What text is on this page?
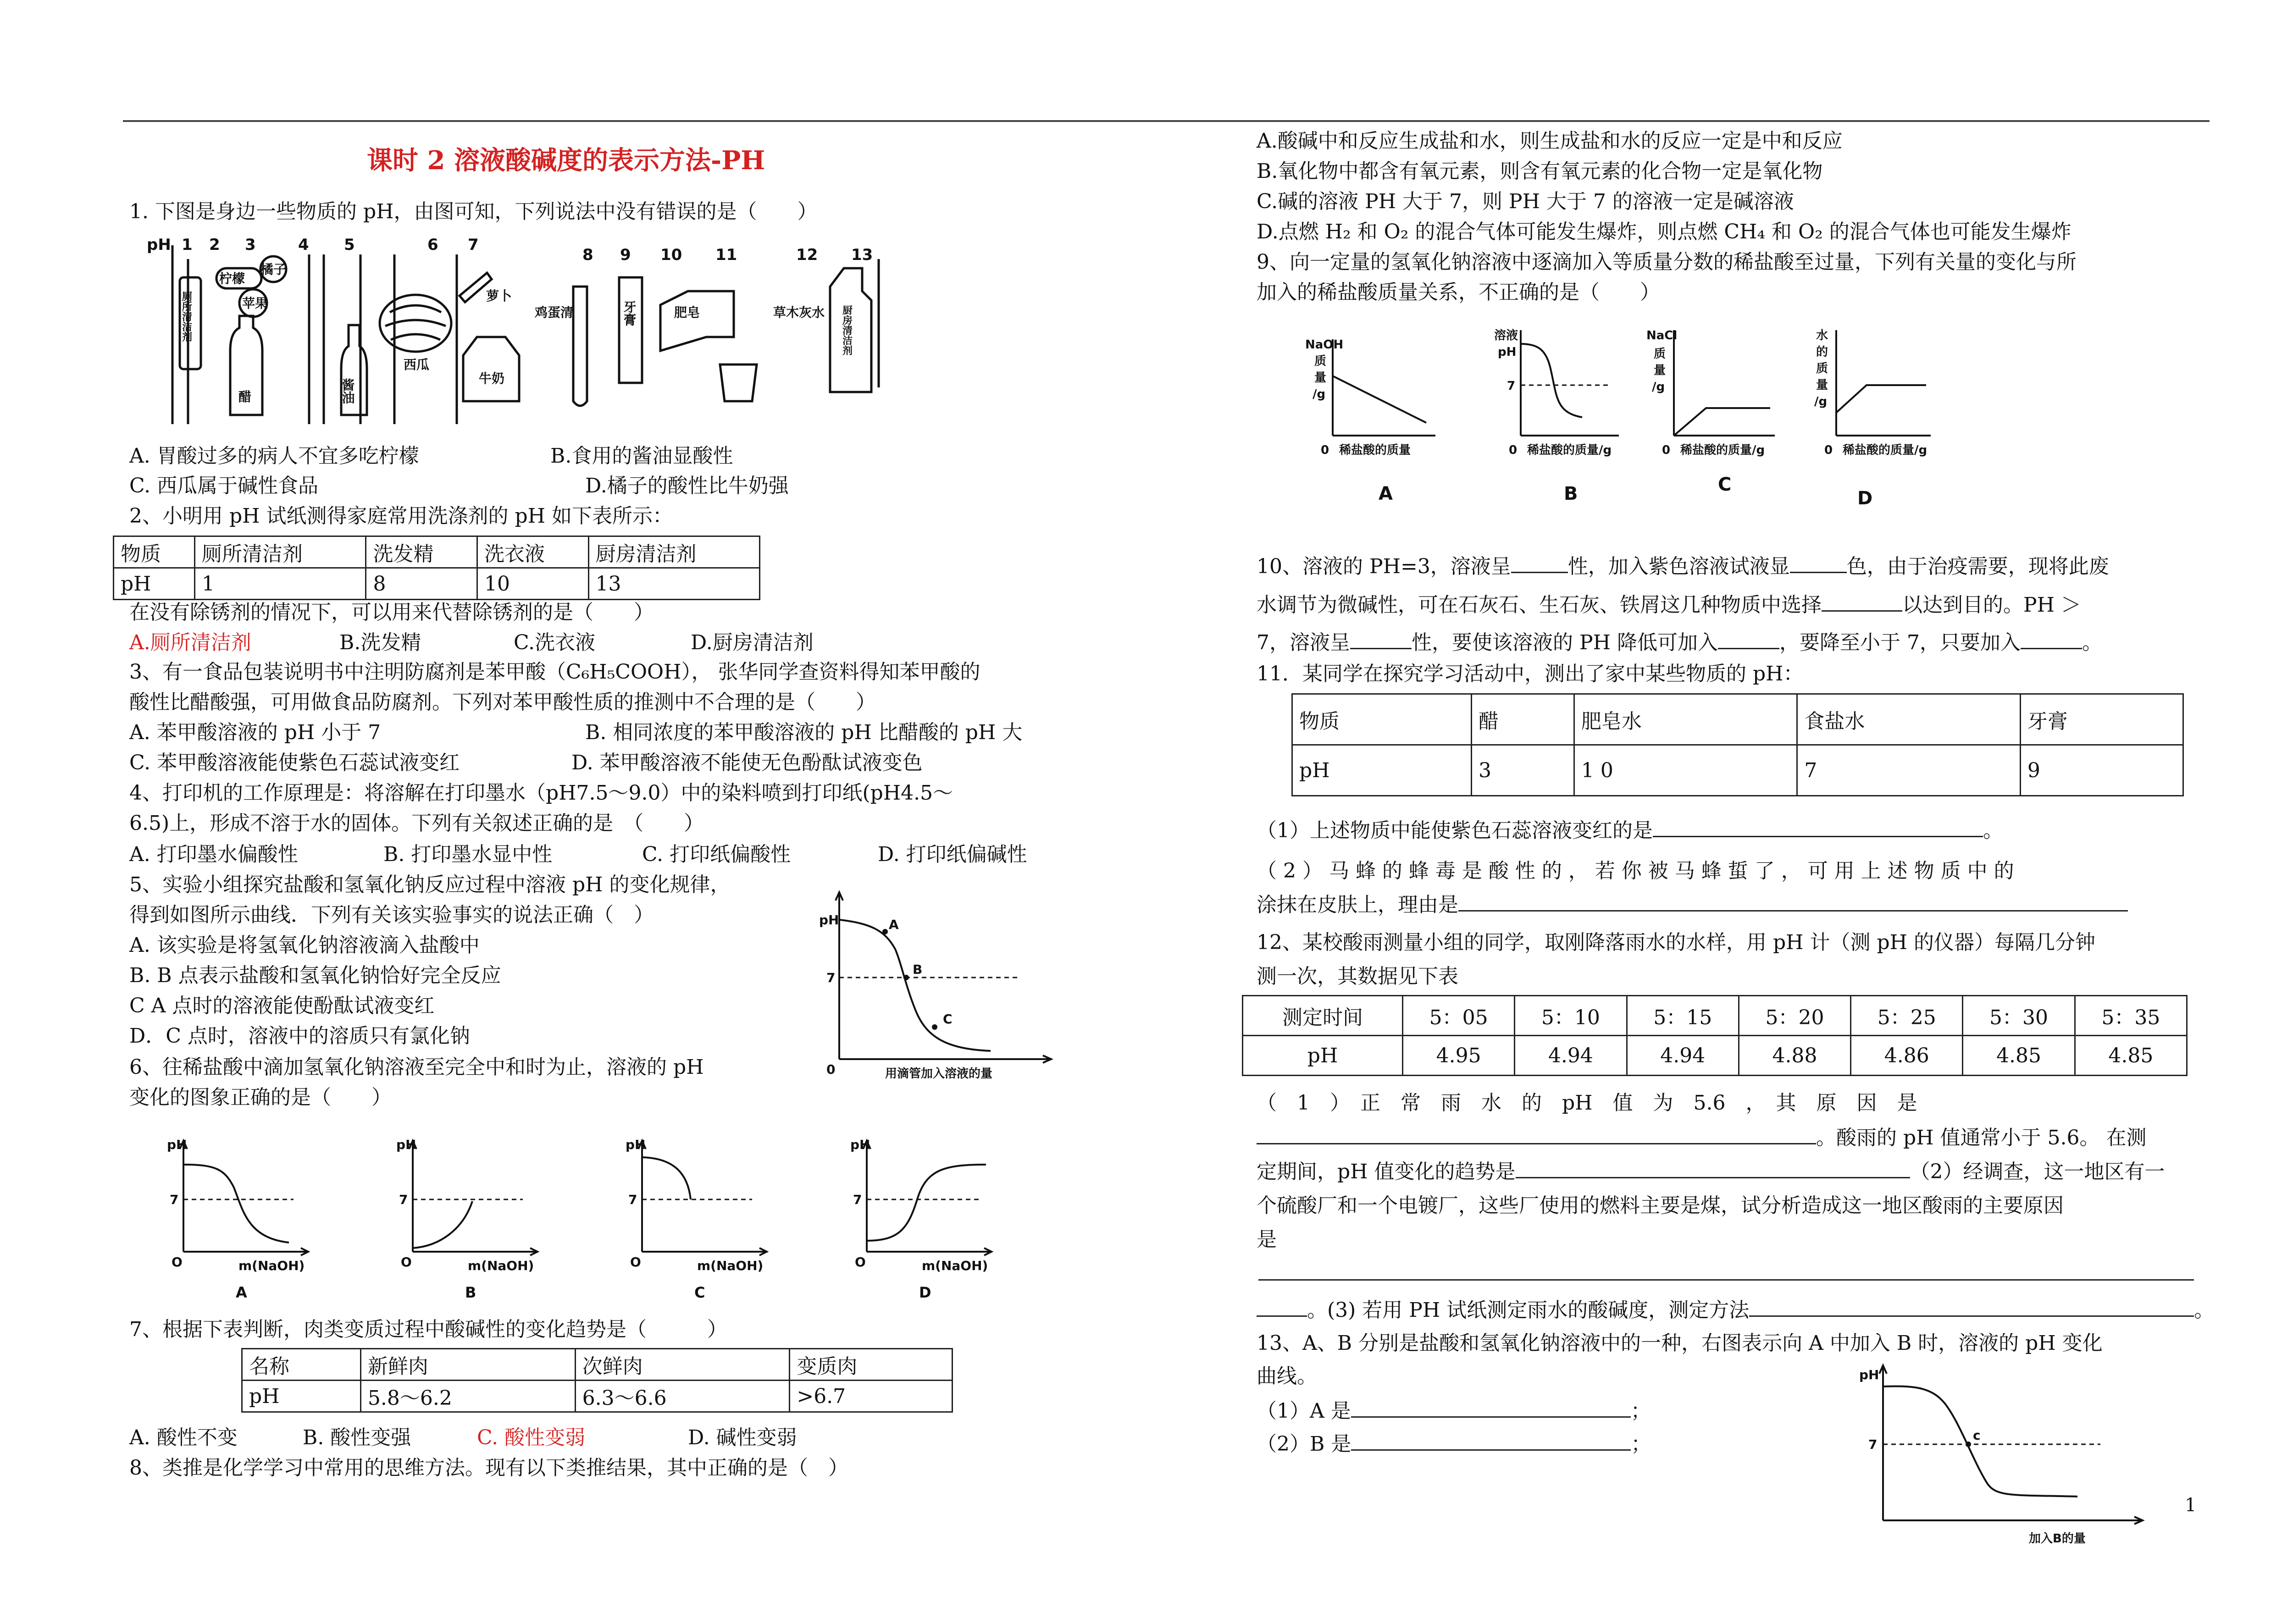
课时 2 溶液酸碱度的表示方法-PH
1. 下图是身边一些物质的 pH，由图可知，下列说法中没有错误的是（　　）
pH 1 2 3	4 5	6 7
8 9 10 11	12 13
厕所清洁剂
柠檬
橘子
苹果
醋	酱油
西瓜
萝卜
牛奶
鸡蛋清	牙膏	肥皂	草木灰水 厨房清洁剂
A. 胃酸过多的病人不宜多吃柠檬	B.食用的酱油显酸性
C. 西瓜属于碱性食品	D.橘子的酸性比牛奶强
2、小明用 pH 试纸测得家庭常用洗涤剂的 pH 如下表所示：
物质	厕所清洁剂	洗发精	洗衣液	厨房清洁剂
pH	1	8	10	13
在没有除锈剂的情况下，可以用来代替除锈剂的是（　　）
A.厕所清洁剂	B.洗发精	C.洗衣液	D.厨房清洁剂
3、有一食品包装说明书中注明防腐剂是苯甲酸（C₆H₅COOH）， 张华同学查资料得知苯甲酸的
酸性比醋酸强，可用做食品防腐剂。下列对苯甲酸性质的推测中不合理的是（　　）
A. 苯甲酸溶液的 pH 小于 7	B. 相同浓度的苯甲酸溶液的 pH 比醋酸的 pH 大
C. 苯甲酸溶液能使紫色石蕊试液变红	D. 苯甲酸溶液不能使无色酚酞试液变色
4、打印机的工作原理是：将溶解在打印墨水（pH7.5～9.0）中的染料喷到打印纸(pH4.5～
6.5)上，形成不溶于水的固体。下列有关叙述正确的是　（　　）
A. 打印墨水偏酸性	B. 打印墨水显中性	C. 打印纸偏酸性	D. 打印纸偏碱性
5、实验小组探究盐酸和氢氧化钠反应过程中溶液 pH 的变化规律，
得到如图所示曲线．下列有关该实验事实的说法正确（　）
A. 该实验是将氢氧化钠溶液滴入盐酸中
B. B 点表示盐酸和氢氧化钠恰好完全反应
C A 点时的溶液能使酚酞试液变红
D．C 点时，溶液中的溶质只有氯化钠
pH
7
0
A
B
C
用滴管加入溶液的量
6、往稀盐酸中滴加氢氧化钠溶液至完全中和时为止，溶液的 pH
变化的图象正确的是（　　）
pH
7
O	m(NaOH)
A
pH
7
O	m(NaOH)
B
pH
7
O	m(NaOH)
C
pH
7
O	m(NaOH)
D
7、根据下表判断，肉类变质过程中酸碱性的变化趋势是（　　　）
名称	新鲜肉	次鲜肉	变质肉
pH	5.8～6.2	6.3～6.6	>6.7
A. 酸性不变	B. 酸性变强	C. 酸性变弱	D. 碱性变弱
8、类推是化学学习中常用的思维方法。现有以下类推结果，其中正确的是（　）
A.酸碱中和反应生成盐和水，则生成盐和水的反应一定是中和反应
B.氧化物中都含有氧元素，则含有氧元素的化合物一定是氧化物
C.碱的溶液 PH 大于 7，则 PH 大于 7 的溶液一定是碱溶液
D.点燃 H₂ 和 O₂ 的混合气体可能发生爆炸，则点燃 CH₄ 和 O₂ 的混合气体也可能发生爆炸
9、向一定量的氢氧化钠溶液中逐滴加入等质量分数的稀盐酸至过量，下列有关量的变化与所
加入的稀盐酸质量关系，不正确的是（　　）
NaOH
质
量
/g
0 稀盐酸的质量
A
溶液
pH
7
0 稀盐酸的质量/g
B
NaCl
质
量
/g
0 稀盐酸的质量/g
C
水
的
质
量
/g
0 稀盐酸的质量/g
D
10、溶液的 PH=3，溶液呈	性，加入紫色溶液试液显	色，由于治疫需要，现将此废
水调节为微碱性，可在石灰石、生石灰、铁屑这几种物质中选择	以达到目的。PH ＞
7，溶液呈	性，要使该溶液的 PH 降低可加入	，要降至小于 7，只要加入	。
11．某同学在探究学习活动中，测出了家中某些物质的 pH：
物质	醋	肥皂水	食盐水	牙膏
pH	3	1 0	7	9
（1）上述物质中能使紫色石蕊溶液变红的是	。
（ 2 ） 马 蜂 的 蜂 毒 是 酸 性 的 ， 若 你 被 马 蜂 蜇 了 ， 可 用 上 述 物 质 中 的
涂抹在皮肤上，理由是
12、某校酸雨测量小组的同学，取刚降落雨水的水样，用 pH 计（测 pH 的仪器）每隔几分钟
测一次，其数据见下表
测定时间	5：05	5：10	5：15	5：20	5：25	5：30	5：35
pH	4.95	4.94	4.94	4.88	4.86	4.85	4.85
（　1　）　正　常　雨　水　的　pH　值　为　5.6　，　其　原　因　是
。酸雨的 pH 值通常小于 5.6。 在测
定期间，pH 值变化的趋势是	（2）经调查，这一地区有一
个硫酸厂和一个电镀厂，这些厂使用的燃料主要是煤，试分析造成这一地区酸雨的主要原因
是
。(3) 若用 PH 试纸测定雨水的酸碱度，测定方法	。
13、A、B 分别是盐酸和氢氧化钠溶液中的一种，右图表示向 A 中加入 B 时，溶液的 pH 变化
曲线。
（1）A 是	；
（2）B 是	；
pH
7
c
加入B的量
1
